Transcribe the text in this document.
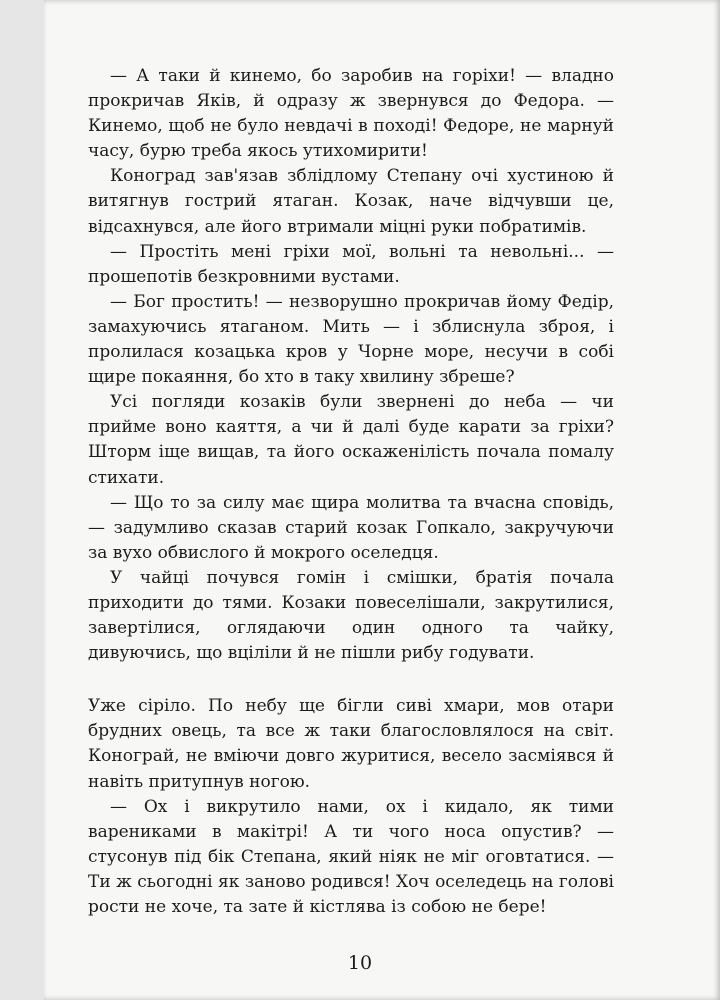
— А таки й кинемо, бо заробив на горіхи! — владно прокричав Яків, й одразу ж звернувся до Федора. — Кинемо, щоб не було невдачі в поході! Федоре, не марнуй часу, бурю треба якось утихомирити!

Коноград зав'язав зблідлому Степану очі хустиною й витягнув гострий ятаган. Козак, наче відчувши це, відсахнувся, але його втримали міцні руки побратимів.

— Простіть мені гріхи мої, вольні та невольні... — прошепотів безкровними вустами.

— Бог простить! — незворушно прокричав йому Федір, замахуючись ятаганом. Мить — і зблиснула зброя, і пролилася козацька кров у Чорне море, несучи в собі щире покаяння, бо хто в таку хвилину збреше?

Усі погляди козаків були звернені до неба — чи прийме воно каяття, а чи й далі буде карати за гріхи? Шторм іще вищав, та його оскаженілість почала помалу стихати.

— Що то за силу має щира молитва та вчасна сповідь, — задумливо сказав старий козак Гопкало, закручуючи за вухо обвислого й мокрого оселедця.

У чайці почувся гомін і смішки, братія почала приходити до тями. Козаки повеселішали, закрутилися, завертілися, оглядаючи один одного та чайку, дивуючись, що вціліли й не пішли рибу годувати.

Уже сіріло. По небу ще бігли сиві хмари, мов отари брудних овець, та все ж таки благословлялося на світ. Конограй, не вміючи довго журитися, весело засміявся й навіть притупнув ногою.

— Ох і викрутило нами, ох і кидало, як тими варениками в макітрі! А ти чого носа опустив? — стусонув під бік Степана, який ніяк не міг оговтатися. — Ти ж сьогодні як заново родився! Хоч оселедець на голові рости не хоче, та зате й кістлява із собою не бере!

10
